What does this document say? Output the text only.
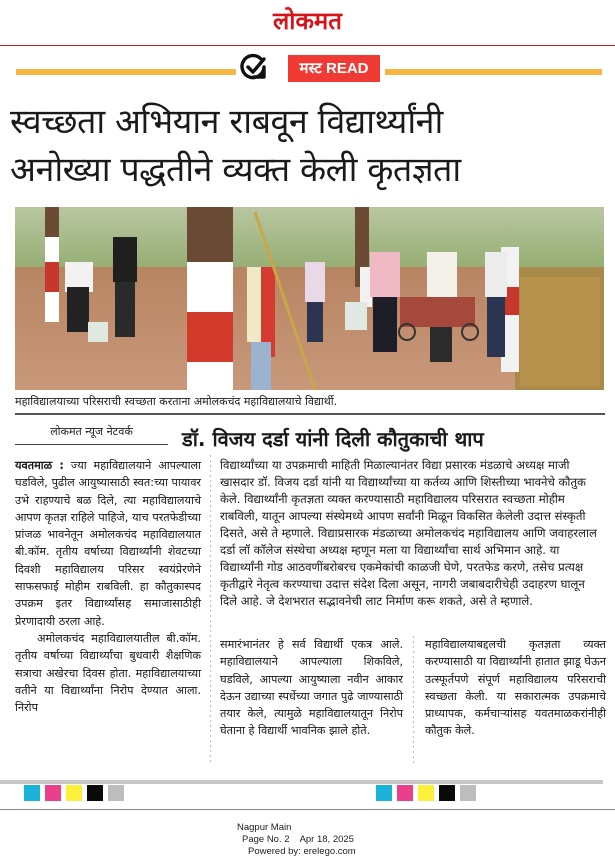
लोकमत
मस्ट READ
स्वच्छता अभियान राबवून विद्यार्थ्यांनी
अनोख्या पद्धतीने व्यक्त केली कृतज्ञता
महाविद्यालयाच्या परिसराची स्वच्छता करताना अमोलकचंद महाविद्यालयाचे विद्यार्थी.
लोकमत न्यूज नेटवर्क	डॉ. विजय दर्डा यांनी दिली कौतुकाची थाप

यवतमाळ : ज्या महाविद्यालयाने आपल्याला घडविले, पुढील आयुष्यासाठी स्वत:च्या पायावर उभे राहण्याचे बळ दिले, त्या महाविद्यालयाचे आपण कृतज्ञ राहिले पाहिजे, याच परतफेडीच्या प्रांजळ भावनेतून अमोलकचंद महाविद्यालयात बी.कॉम. तृतीय वर्षाच्या विद्यार्थ्यांनी शेवटच्या दिवशी महाविद्यालय परिसर स्वयंप्रेरणेने साफसफाई मोहीम राबविली. हा कौतुकास्पद उपक्रम इतर विद्यार्थ्यांसह समाजासाठीही प्रेरणादायी ठरला आहे.

अमोलकचंद महाविद्यालयातील बी.कॉम. तृतीय वर्षाच्या विद्यार्थ्यांचा बुधवारी शैक्षणिक सत्राचा अखेरचा दिवस होता. महाविद्यालयाच्या वतीने या विद्यार्थ्यांना निरोप देण्यात आला. निरोप

विद्यार्थ्यांच्या या उपक्रमाची माहिती मिळाल्यानंतर विद्या प्रसारक मंडळाचे अध्यक्ष माजी खासदार डॉ. विजय दर्डा यांनी या विद्यार्थ्यांच्या या कर्तव्य आणि शिस्तीच्या भावनेचे कौतुक केले. विद्यार्थ्यांनी कृतज्ञता व्यक्त करण्यासाठी महाविद्यालय परिसरात स्वच्छता मोहीम राबविली, यातून आपल्या संस्थेमध्ये आपण सर्वांनी मिळून विकसित केलेली उदात्त संस्कृती दिसते, असे ते म्हणाले. विद्याप्रसारक मंडळाच्या अमोलकचंद महाविद्यालय आणि जवाहरलाल दर्डा लॉ कॉलेज संस्थेचा अध्यक्ष म्हणून मला या विद्यार्थ्यांचा सार्थ अभिमान आहे. या विद्यार्थ्यांनी गोड आठवणींबरोबरच एकमेकांची काळजी घेणे, परतफेड करणे, तसेच प्रत्यक्ष कृतीद्वारे नेतृत्व करण्याचा उदात्त संदेश दिला असून, नागरी जबाबदारीचेही उदाहरण घालून दिले आहे. जे देशभरात सद्भावनेची लाट निर्माण करू शकते, असे ते म्हणाले.

समारंभानंतर हे सर्व विद्यार्थी एकत्र आले. महाविद्यालयाने आपल्याला शिकविले, घडविले, आपल्या आयुष्याला नवीन आकार देऊन उद्याच्या स्पर्धेच्या जगात पुढे जाण्यासाठी तयार केले, त्यामुळे महाविद्यालयातून निरोप घेताना हे विद्यार्थी भावनिक झाले होते.

महाविद्यालयाबद्दलची कृतज्ञता व्यक्त करण्यासाठी या विद्यार्थ्यांनी हातात झाडू घेऊन उत्स्फूर्तपणे संपूर्ण महाविद्यालय परिसराची स्वच्छता केली. या सकारात्मक उपक्रमाचे प्राध्यापक, कर्मचाऱ्यांसह यवतमाळकरांनीही कौतुक केले.

Nagpur Main
Page No. 2    Apr 18, 2025
Powered by: erelego.com
